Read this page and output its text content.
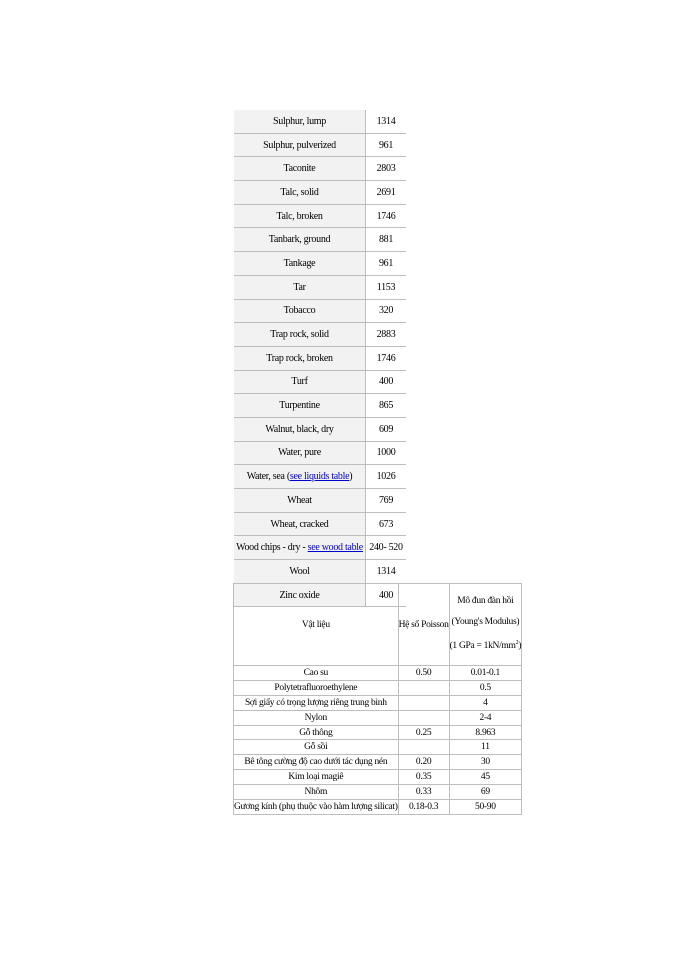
Sulphur, lump	1314
Sulphur, pulverized	961
Taconite	2803
Talc, solid	2691
Talc, broken	1746
Tanbark, ground	881
Tankage	961
Tar	1153
Tobacco	320
Trap rock, solid	2883
Trap rock, broken	1746
Turf	400
Turpentine	865
Walnut, black, dry	609
Water, pure	1000
Water, sea (see liquids table)	1026
Wheat	769
Wheat, cracked	673
Wood chips - dry - see wood table	240- 520
Wool	1314
Zinc oxide	400
Vật liệu	Hệ số Poisson	Mô đun đàn hồi
(Young's Modulus)
(1 GPa = $1kN/mm^2$)

Cao su	0.50	0.01-0.1
Polytetrafluoroethylene		0.5
Sợi giấy có trọng lượng riêng trung bình		4
Nylon		2-4
Gỗ thông	0.25	8.963
Gỗ sồi		11
Bê tông cường độ cao dưới tác dụng nén	0.20	30
Kim loại magiê	0.35	45
Nhôm	0.33	69
Gương kính (phụ thuộc vào hàm lượng silicat)	0.18-0.3	50-90
